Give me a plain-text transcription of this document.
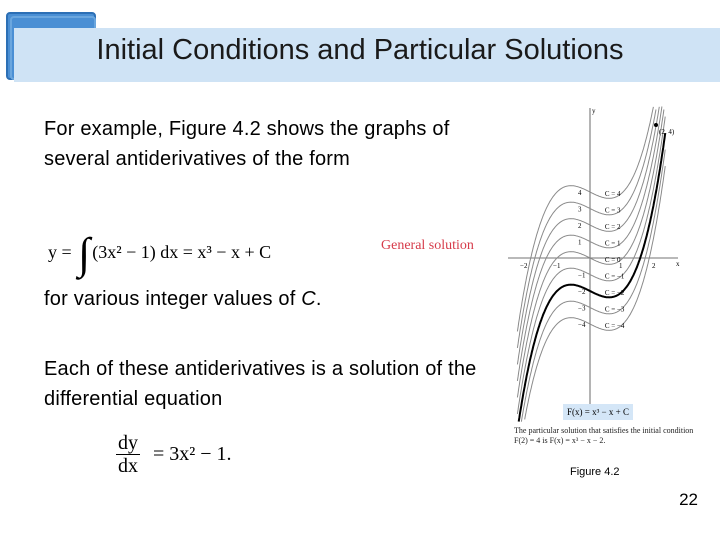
Initial Conditions and Particular Solutions
For example, Figure 4.2 shows the graphs of several antiderivatives of the form
y = ∫ (3x² − 1) dx = x³ − x + C	General solution
for various integer values of C.
Each of these antiderivatives is a solution of the differential equation
$\frac{dy}{dx} = 3x^2 - 1$.
y
x
−2	−1	1	2
4
3
2
1
−1
−2
−3
−4
C = 4
C = 3
C = 2
C = 1
C = 0
C = −1
C = −2
C = −3
C = −4
(2, 4)
F(x) = x³ − x + C
The particular solution that satisfies the initial condition F(2) = 4 is F(x) = x³ − x − 2.
Figure 4.2
22
